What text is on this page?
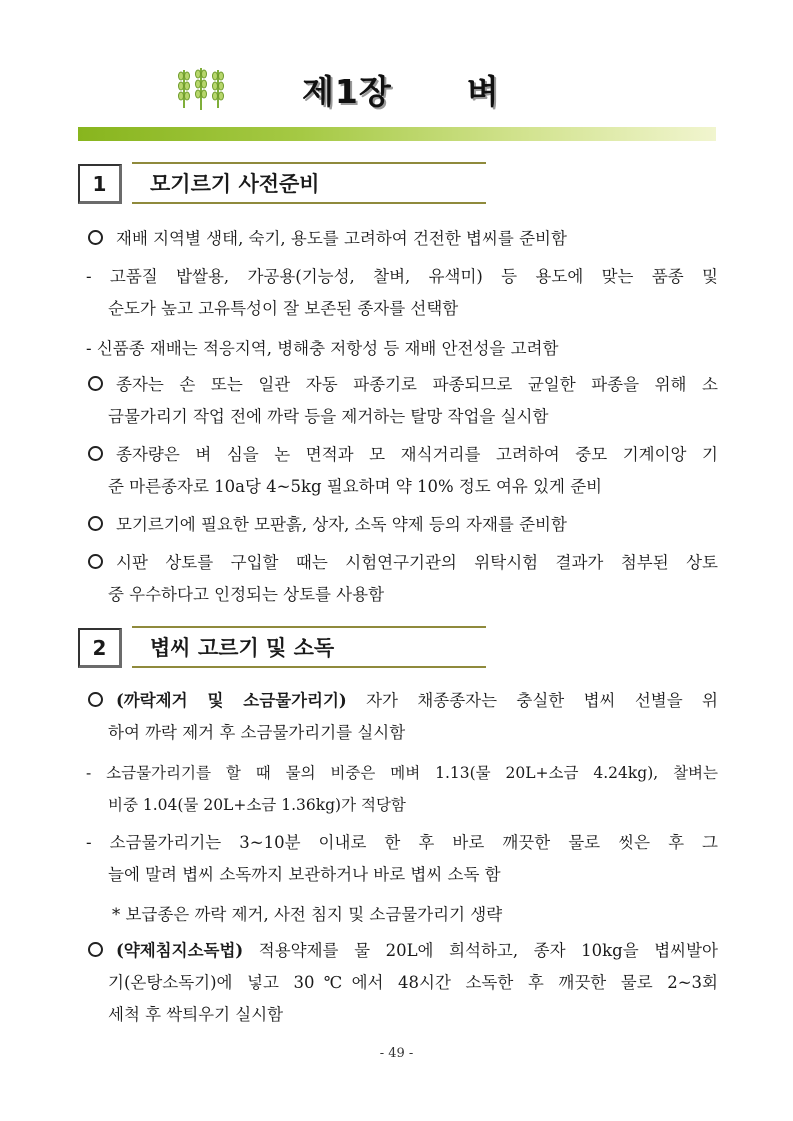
제1장      벼
1	모기르기 사전준비
재배 지역별 생태, 숙기, 용도를 고려하여 건전한 볍씨를 준비함
- 고품질 밥쌀용, 가공용(기능성, 찰벼, 유색미) 등 용도에 맞는 품종 및
순도가 높고 고유특성이 잘 보존된 종자를 선택함
- 신품종 재배는 적응지역, 병해충 저항성 등 재배 안전성을 고려함
종자는 손 또는 일관 자동 파종기로 파종되므로 균일한 파종을 위해 소
금물가리기 작업 전에 까락 등을 제거하는 탈망 작업을 실시함
종자량은 벼 심을 논 면적과 모 재식거리를 고려하여 중모 기계이앙 기
준 마른종자로 10a당 4~5kg 필요하며 약 10% 정도 여유 있게 준비
모기르기에 필요한 모판흙, 상자, 소독 약제 등의 자재를 준비함
시판 상토를 구입할 때는 시험연구기관의 위탁시험 결과가 첨부된 상토
중 우수하다고 인정되는 상토를 사용함
2	볍씨 고르기 및 소독
(까락제거 및 소금물가리기) 자가 채종종자는 충실한 볍씨 선별을 위
하여 까락 제거 후 소금물가리기를 실시함
- 소금물가리기를 할 때 물의 비중은 메벼 1.13(물 20L+소금 4.24kg), 찰벼는
비중 1.04(물 20L+소금 1.36kg)가 적당함
- 소금물가리기는 3~10분 이내로 한 후 바로 깨끗한 물로 씻은 후 그
늘에 말려 볍씨 소독까지 보관하거나 바로 볍씨 소독 함
* 보급종은 까락 제거, 사전 침지 및 소금물가리기 생략
(약제침지소독법) 적용약제를 물 20L에 희석하고, 종자 10kg을 볍씨발아
기(온탕소독기)에 넣고 30℃에서 48시간 소독한 후 깨끗한 물로 2~3회
세척 후 싹틔우기 실시함
- 49 -
